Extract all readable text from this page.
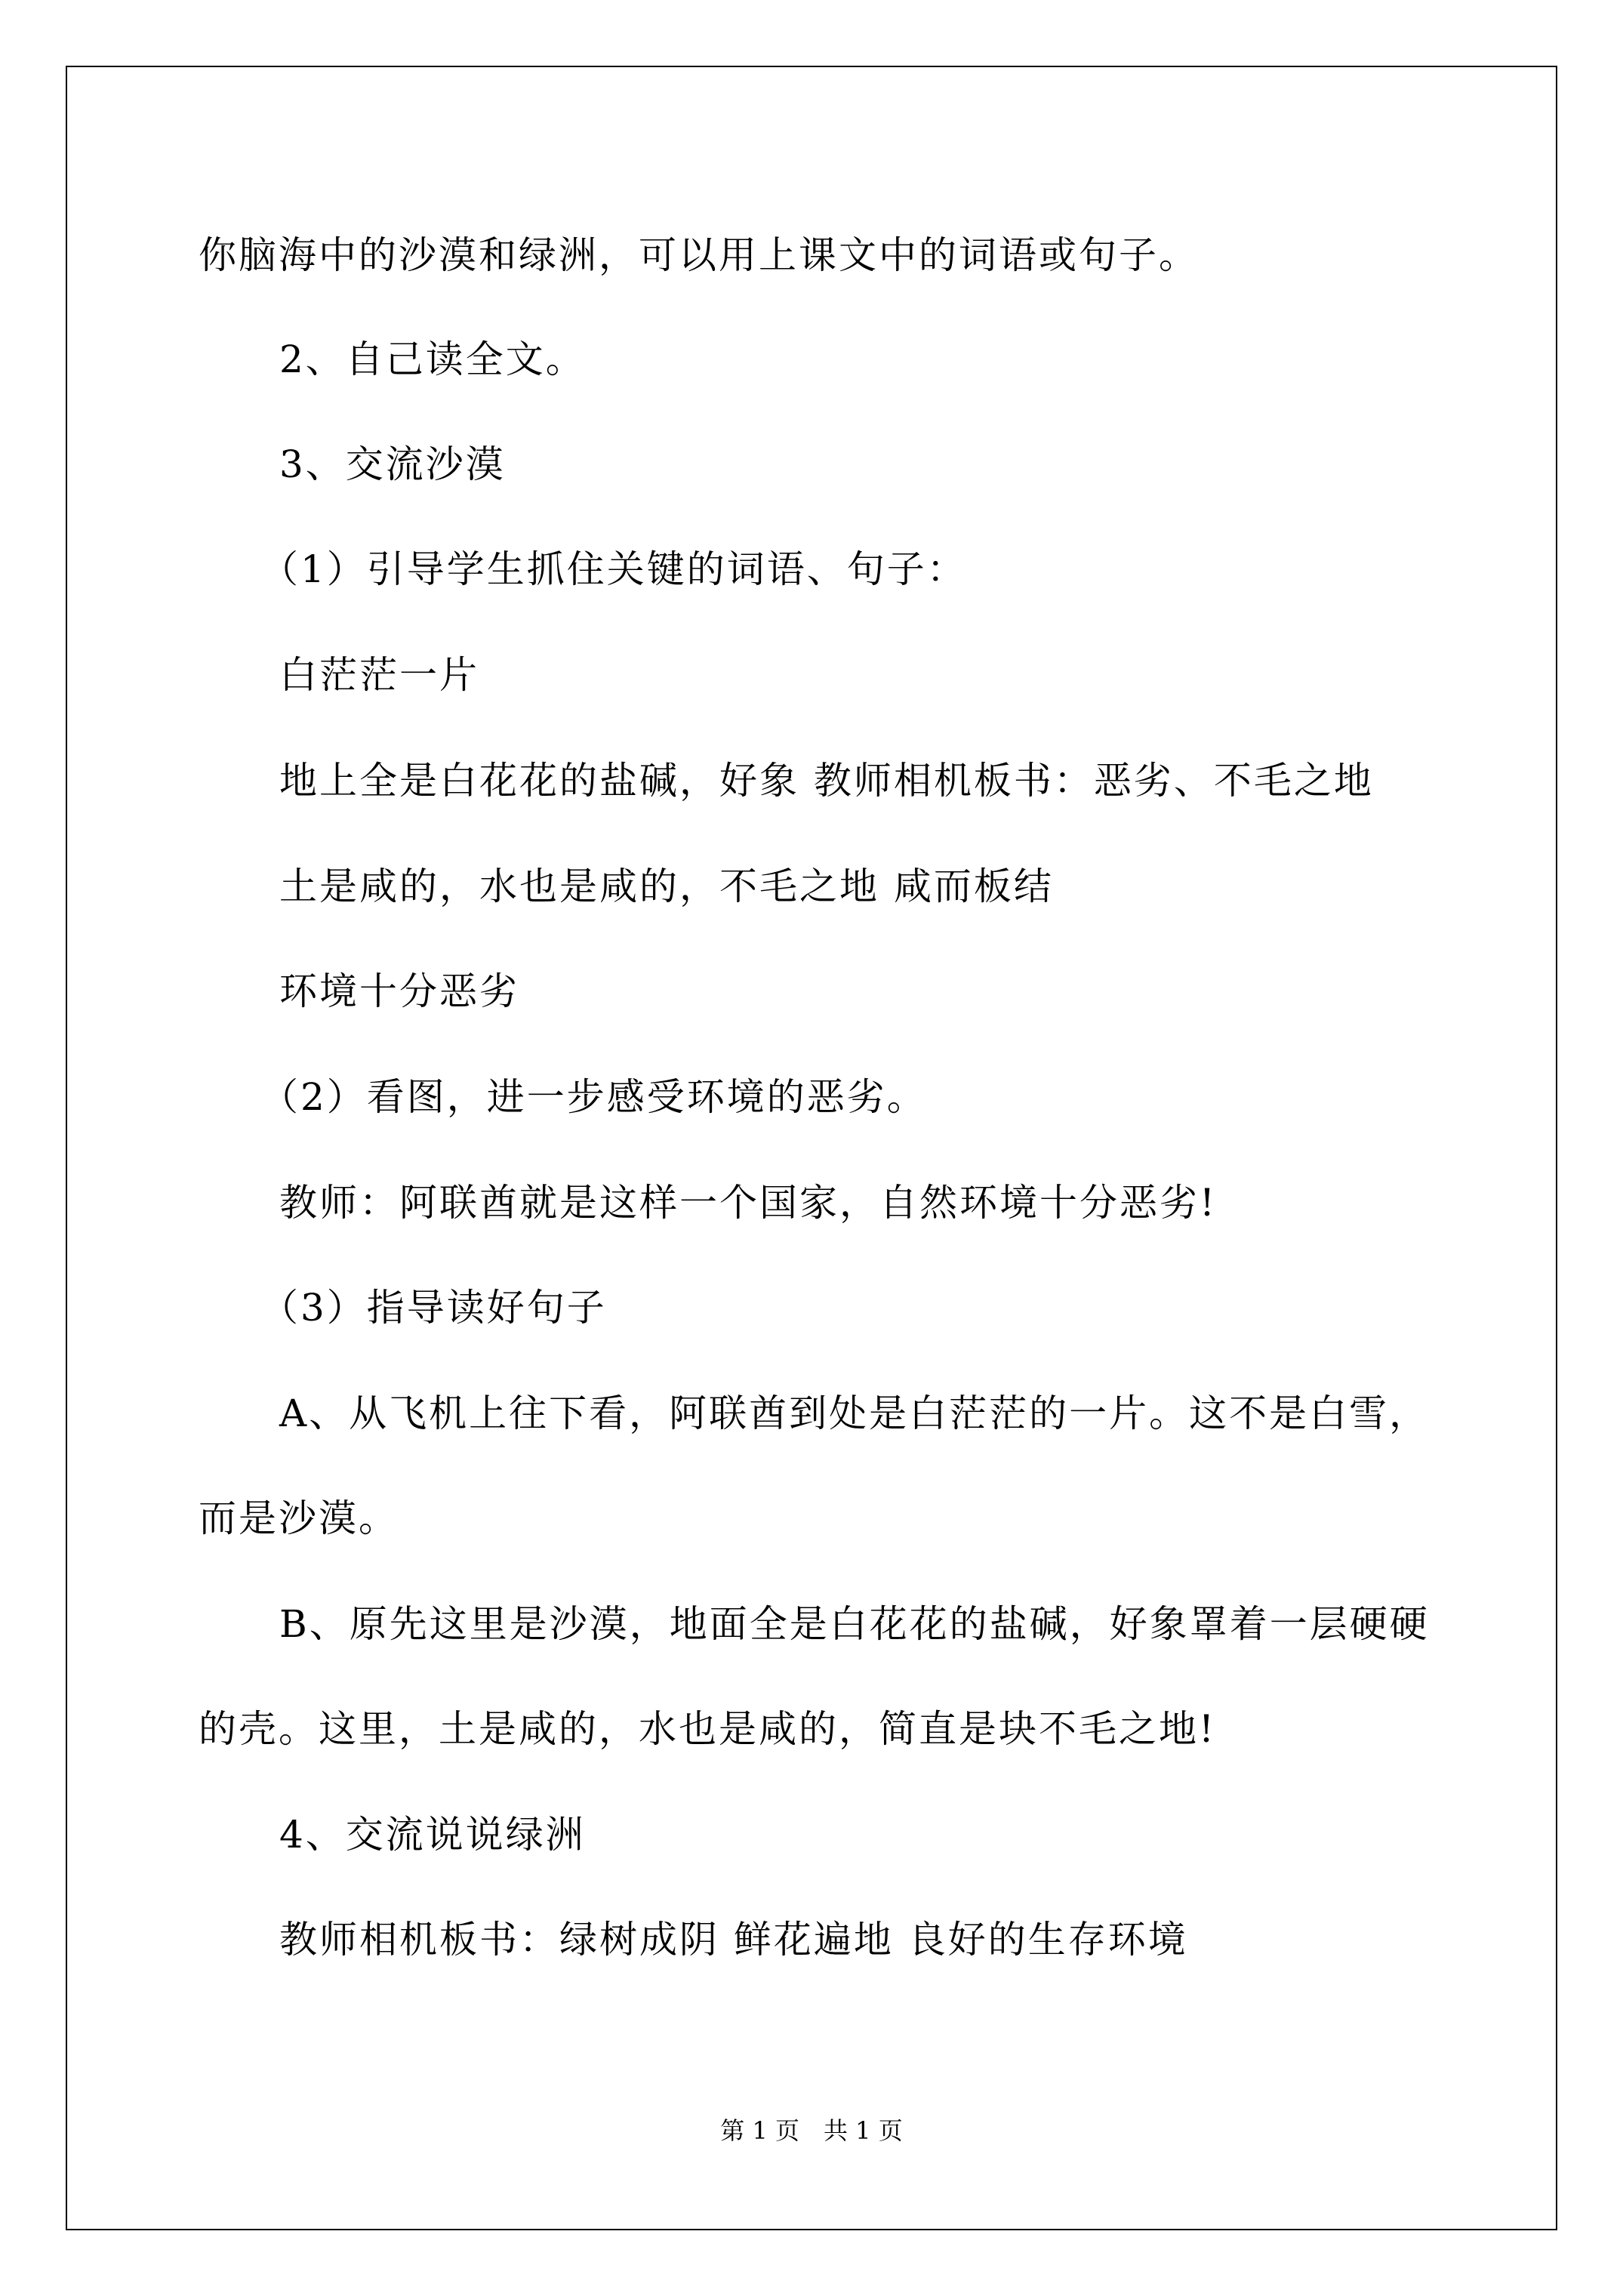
你脑海中的沙漠和绿洲，可以用上课文中的词语或句子。
2、自己读全文。
3、交流沙漠
（1）引导学生抓住关键的词语、句子：
白茫茫一片
地上全是白花花的盐碱，好象 教师相机板书：恶劣、不毛之地
土是咸的，水也是咸的，不毛之地 咸而板结
环境十分恶劣
（2）看图，进一步感受环境的恶劣。
教师：阿联酋就是这样一个国家，自然环境十分恶劣!
（3）指导读好句子
A、从飞机上往下看，阿联酋到处是白茫茫的一片。这不是白雪，
而是沙漠。
B、原先这里是沙漠，地面全是白花花的盐碱，好象罩着一层硬硬
的壳。这里，土是咸的，水也是咸的，简直是块不毛之地!
4、交流说说绿洲
教师相机板书：绿树成阴 鲜花遍地 良好的生存环境
第 1 页　共 1 页
